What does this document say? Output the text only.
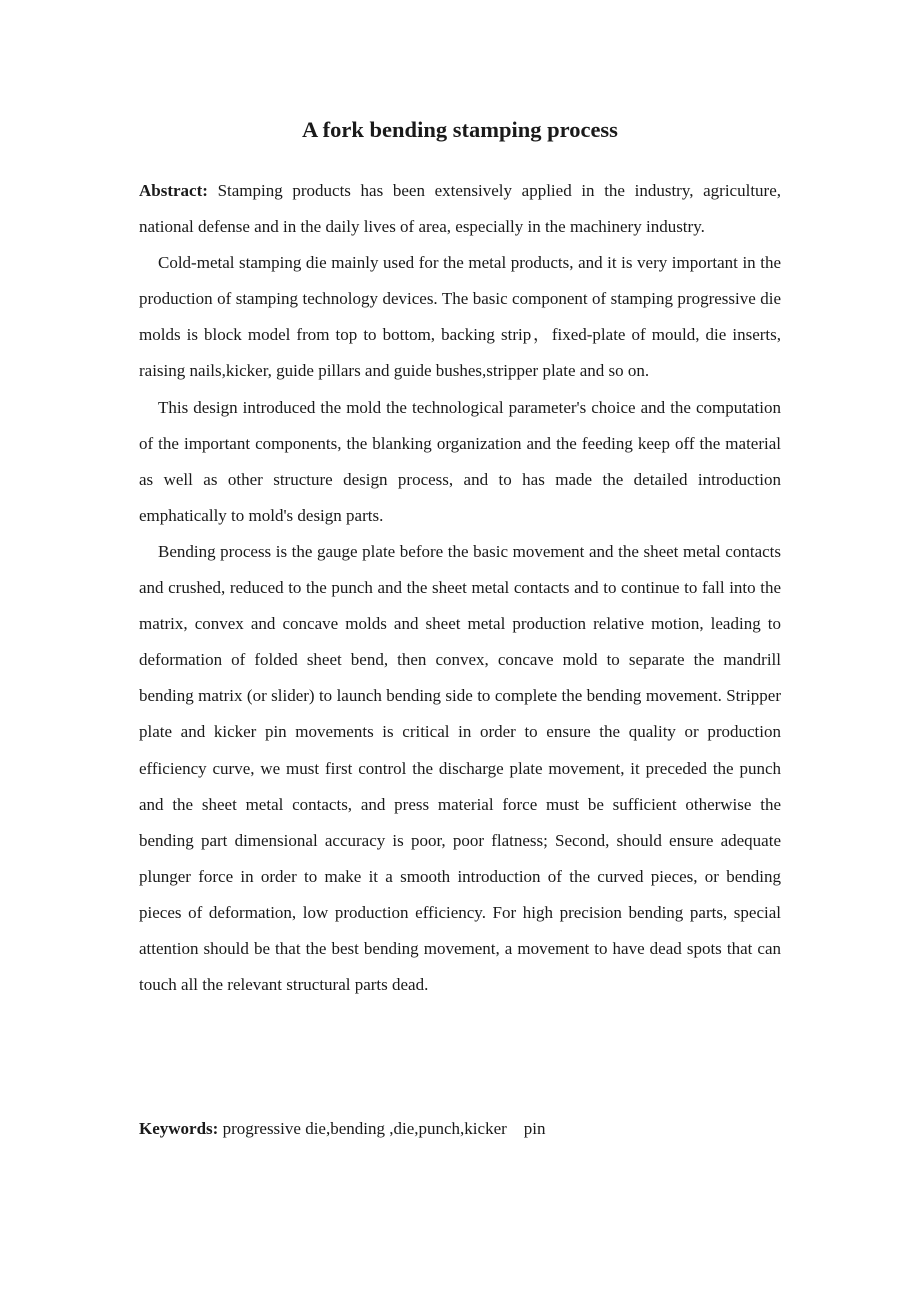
A fork bending stamping process

Abstract: Stamping products has been extensively applied in the industry, agriculture, national defense and in the daily lives of area, especially in the machinery industry.

Cold-metal stamping die mainly used for the metal products, and it is very important in the production of stamping technology devices. The basic component of stamping progressive die molds is block model from top to bottom, backing strip，fixed-plate of mould, die inserts, raising nails,kicker, guide pillars and guide bushes,stripper plate and so on.

This design introduced the mold the technological parameter's choice and the computation of the important components, the blanking organization and the feeding keep off the material as well as other structure design process, and to has made the detailed introduction emphatically to mold's design parts.

Bending process is the gauge plate before the basic movement and the sheet metal contacts and crushed, reduced to the punch and the sheet metal contacts and to continue to fall into the matrix, convex and concave molds and sheet metal production relative motion, leading to deformation of folded sheet bend, then convex, concave mold to separate the mandrill bending matrix (or slider) to launch bending side to complete the bending movement. Stripper plate and kicker pin movements is critical in order to ensure the quality or production efficiency curve, we must first control the discharge plate movement, it preceded the punch and the sheet metal contacts, and press material force must be sufficient otherwise the bending part dimensional accuracy is poor, poor flatness; Second, should ensure adequate plunger force in order to make it a smooth introduction of the curved pieces, or bending pieces of deformation, low production efficiency. For high precision bending parts, special attention should be that the best bending movement, a movement to have dead spots that can touch all the relevant structural parts dead.

Keywords: progressive die,bending ,die,punch,kicker    pin
